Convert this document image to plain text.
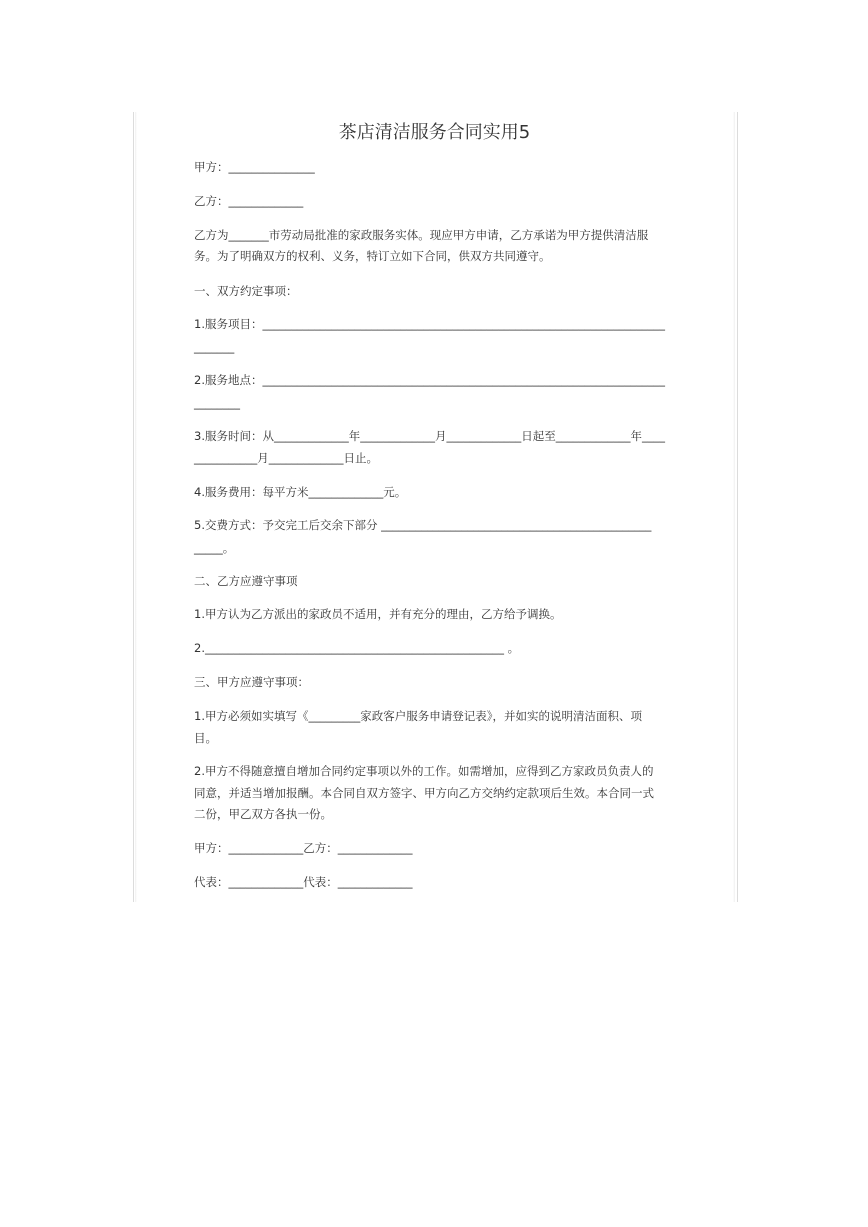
茶店清洁服务合同实用5
甲方：_______________
乙方：_____________
乙方为_______市劳动局批准的家政服务实体。现应甲方申请，乙方承诺为甲方提供清洁服
务。为了明确双方的权利、义务，特订立如下合同，供双方共同遵守。
一、双方约定事项：
1.服务项目：______________________________________________________________________
_______
2.服务地点：______________________________________________________________________
________
3.服务时间：从_____________年_____________月_____________日起至_____________年____
___________月_____________日止。
4.服务费用：每平方米_____________元。
5.交费方式：予交完工后交余下部分 _______________________________________________
_____。
二、乙方应遵守事项
1.甲方认为乙方派出的家政员不适用，并有充分的理由，乙方给予调换。
2.____________________________________________________ 。
三、甲方应遵守事项：
1.甲方必须如实填写《_________家政客户服务申请登记表》，并如实的说明清洁面积、项
目。
2.甲方不得随意擅自增加合同约定事项以外的工作。如需增加，应得到乙方家政员负责人的
同意，并适当增加报酬。本合同自双方签字、甲方向乙方交纳约定款项后生效。本合同一式
二份，甲乙双方各执一份。
甲方：_____________乙方：_____________
代表：_____________代表：_____________
